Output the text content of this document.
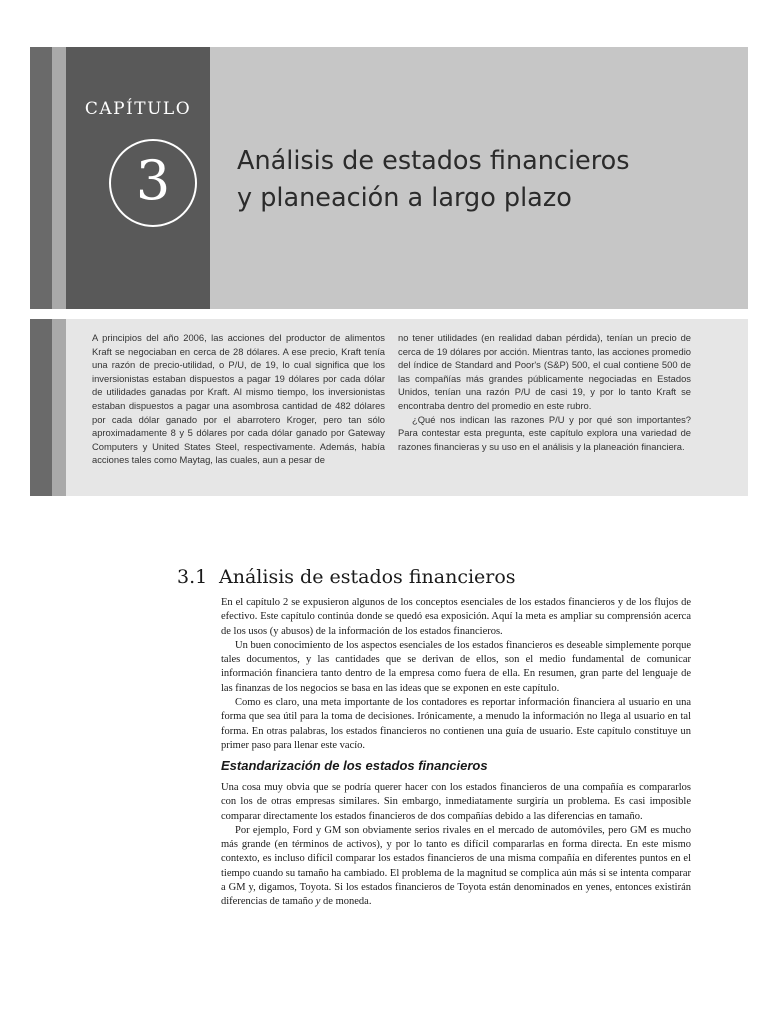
CAPÍTULO
3	Análisis de estados financieros
y planeación a largo plazo

A principios del año 2006, las acciones del productor de alimentos Kraft se negociaban en cerca de 28 dólares. A ese precio, Kraft tenía una razón de precio-utilidad, o P/U, de 19, lo cual significa que los inversionistas estaban dispuestos a pagar 19 dólares por cada dólar de utilidades ganadas por Kraft. Al mismo tiempo, los inversionistas estaban dispuestos a pagar una asombrosa cantidad de 482 dólares por cada dólar ganado por el abarrotero Kroger, pero tan sólo aproximadamente 8 y 5 dólares por cada dólar ganado por Gateway Computers y United States Steel, respectivamente. Además, había acciones tales como Maytag, las cuales, aun a pesar de

no tener utilidades (en realidad daban pérdida), tenían un precio de cerca de 19 dólares por acción. Mientras tanto, las acciones promedio del índice de Standard and Poor's (S&P) 500, el cual contiene 500 de las compañías más grandes públicamente negociadas en Estados Unidos, tenían una razón P/U de casi 19, y por lo tanto Kraft se encontraba dentro del promedio en este rubro.

¿Qué nos indican las razones P/U y por qué son importantes? Para contestar esta pregunta, este capítulo explora una variedad de razones financieras y su uso en el análisis y la planeación financiera.

3.1 Análisis de estados financieros

En el capítulo 2 se expusieron algunos de los conceptos esenciales de los estados financieros y de los flujos de efectivo. Este capítulo continúa donde se quedó esa exposición. Aquí la meta es ampliar su comprensión acerca de los usos (y abusos) de la información de los estados financieros.

Un buen conocimiento de los aspectos esenciales de los estados financieros es deseable simplemente porque tales documentos, y las cantidades que se derivan de ellos, son el medio fundamental de comunicar información financiera tanto dentro de la empresa como fuera de ella. En resumen, gran parte del lenguaje de las finanzas de los negocios se basa en las ideas que se exponen en este capítulo.

Como es claro, una meta importante de los contadores es reportar información financiera al usuario en una forma que sea útil para la toma de decisiones. Irónicamente, a menudo la información no llega al usuario en tal forma. En otras palabras, los estados financieros no contienen una guía de usuario. Este capítulo constituye un primer paso para llenar este vacío.

Estandarización de los estados financieros

Una cosa muy obvia que se podría querer hacer con los estados financieros de una compañía es compararlos con los de otras empresas similares. Sin embargo, inmediatamente surgiría un problema. Es casi imposible comparar directamente los estados financieros de dos compañías debido a las diferencias en tamaño.

Por ejemplo, Ford y GM son obviamente serios rivales en el mercado de automóviles, pero GM es mucho más grande (en términos de activos), y por lo tanto es difícil compararlas en forma directa. En este mismo contexto, es incluso difícil comparar los estados financieros de una misma compañía en diferentes puntos en el tiempo cuando su tamaño ha cambiado. El problema de la magnitud se complica aún más si se intenta comparar a GM y, digamos, Toyota. Si los estados financieros de Toyota están denominados en yenes, entonces existirán diferencias de tamaño y de moneda.
